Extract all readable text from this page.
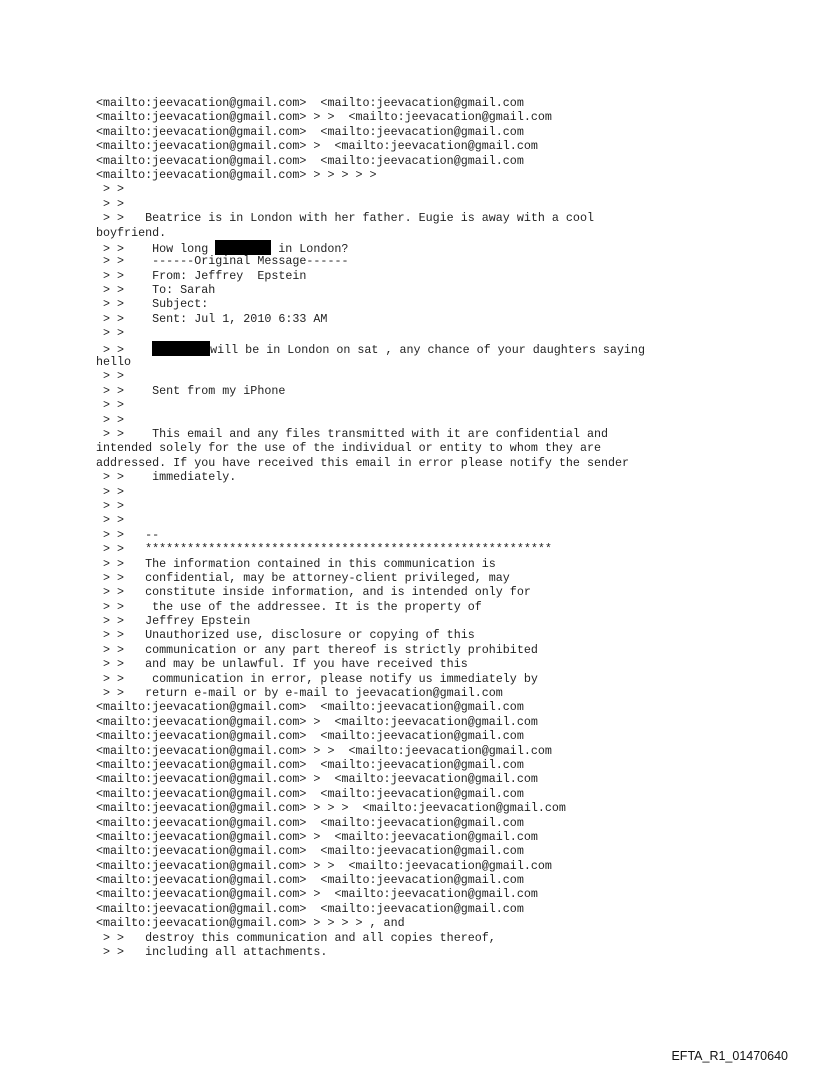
<mailto:jeevacation@gmail.com>  <mailto:jeevacation@gmail.com
<mailto:jeevacation@gmail.com> > >  <mailto:jeevacation@gmail.com
<mailto:jeevacation@gmail.com>  <mailto:jeevacation@gmail.com
<mailto:jeevacation@gmail.com> >  <mailto:jeevacation@gmail.com
<mailto:jeevacation@gmail.com>  <mailto:jeevacation@gmail.com
<mailto:jeevacation@gmail.com> > > > > >
> >
> >
> >   Beatrice is in London with her father. Eugie is away with a cool
boyfriend.
> >    How long	in London?
> >    ------Original Message------
> >    From: Jeffrey  Epstein
> >    To: Sarah
> >    Subject:
> >    Sent: Jul 1, 2010 6:33 AM
> >
> >	will be in London on sat , any chance of your daughters saying
hello
> >
> >    Sent from my iPhone
> >
> >
> >    This email and any files transmitted with it are confidential and
intended solely for the use of the individual or entity to whom they are
addressed. If you have received this email in error please notify the sender
> >    immediately.
> >
> >
> >
> >   --
> >   **********************************************************
> >   The information contained in this communication is
> >   confidential, may be attorney-client privileged, may
> >   constitute inside information, and is intended only for
> >    the use of the addressee. It is the property of
> >   Jeffrey Epstein
> >   Unauthorized use, disclosure or copying of this
> >   communication or any part thereof is strictly prohibited
> >   and may be unlawful. If you have received this
> >    communication in error, please notify us immediately by
> >   return e-mail or by e-mail to jeevacation@gmail.com
<mailto:jeevacation@gmail.com>  <mailto:jeevacation@gmail.com
<mailto:jeevacation@gmail.com> >  <mailto:jeevacation@gmail.com
<mailto:jeevacation@gmail.com>  <mailto:jeevacation@gmail.com
<mailto:jeevacation@gmail.com> > >  <mailto:jeevacation@gmail.com
<mailto:jeevacation@gmail.com>  <mailto:jeevacation@gmail.com
<mailto:jeevacation@gmail.com> >  <mailto:jeevacation@gmail.com
<mailto:jeevacation@gmail.com>  <mailto:jeevacation@gmail.com
<mailto:jeevacation@gmail.com> > > >  <mailto:jeevacation@gmail.com
<mailto:jeevacation@gmail.com>  <mailto:jeevacation@gmail.com
<mailto:jeevacation@gmail.com> >  <mailto:jeevacation@gmail.com
<mailto:jeevacation@gmail.com>  <mailto:jeevacation@gmail.com
<mailto:jeevacation@gmail.com> > >  <mailto:jeevacation@gmail.com
<mailto:jeevacation@gmail.com>  <mailto:jeevacation@gmail.com
<mailto:jeevacation@gmail.com> >  <mailto:jeevacation@gmail.com
<mailto:jeevacation@gmail.com>  <mailto:jeevacation@gmail.com
<mailto:jeevacation@gmail.com> > > > > , and
> >   destroy this communication and all copies thereof,
> >   including all attachments.
EFTA_R1_01470640
